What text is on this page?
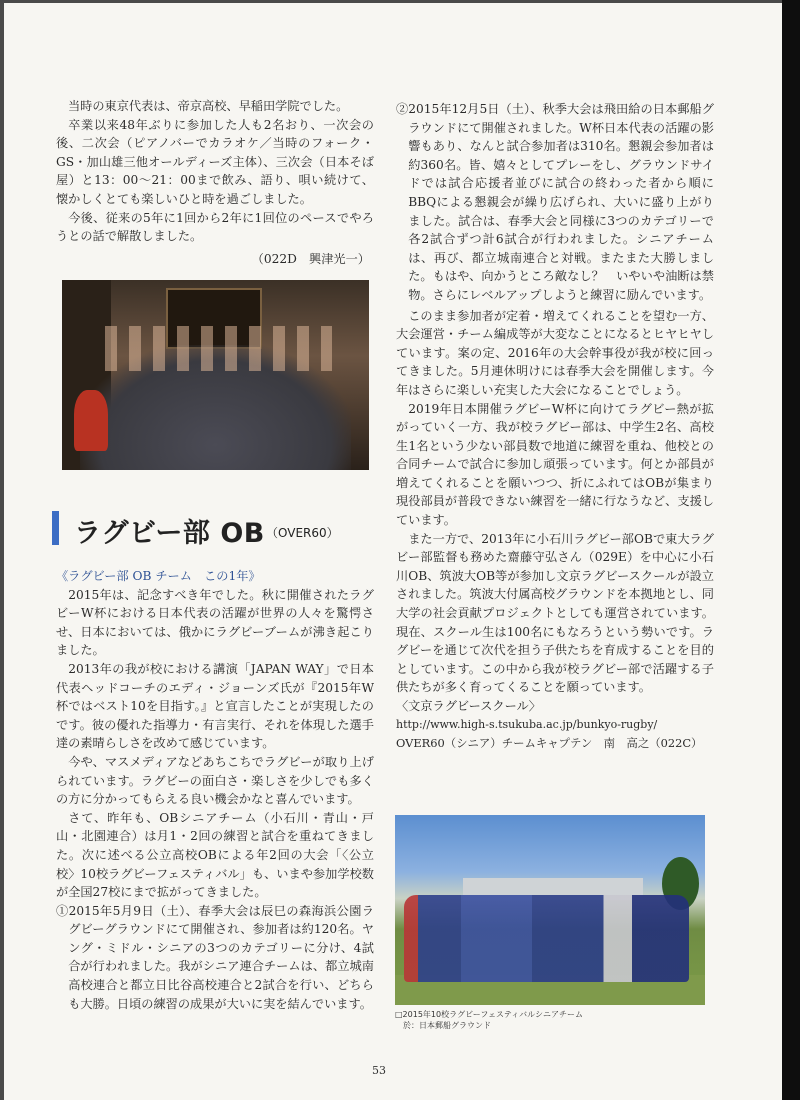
当時の東京代表は、帝京高校、早稲田学院でした。

卒業以来48年ぶりに参加した人も2名おり、一次会の後、二次会（ピアノバーでカラオケ／当時のフォーク・GS・加山雄三他オールディーズ主体）、三次会（日本そば屋）と13：00～21：00まで飲み、語り、唄い続けて、懐かしくとても楽しいひと時を過ごしました。

今後、従来の5年に1回から2年に1回位のペースでやろうとの話で解散しました。

（022D　興津光一）

ラグビー部 OB （OVER60）

《ラグビー部 OB チーム　この1年》

2015年は、記念すべき年でした。秋に開催されたラグビーW杯における日本代表の活躍が世界の人々を驚愕させ、日本においては、俄かにラグビーブームが沸き起こりました。

2013年の我が校における講演「JAPAN WAY」で日本代表ヘッドコーチのエディ・ジョーンズ氏が『2015年W杯ではベスト10を目指す。』と宣言したことが実現したのです。彼の優れた指導力・有言実行、それを体現した選手達の素晴らしさを改めて感じています。

今や、マスメディアなどあちこちでラグビーが取り上げられています。ラグビーの面白さ・楽しさを少しでも多くの方に分かってもらえる良い機会かなと喜んでいます。

さて、昨年も、OBシニアチーム（小石川・青山・戸山・北園連合）は月1・2回の練習と試合を重ねてきました。次に述べる公立高校OBによる年2回の大会「〈公立校〉10校ラグビーフェスティバル」も、いまや参加学校数が全国27校にまで拡がってきました。

①2015年5月9日（土）、春季大会は辰巳の森海浜公園ラグビーグラウンドにて開催され、参加者は約120名。ヤング・ミドル・シニアの3つのカテゴリーに分け、4試合が行われました。我がシニア連合チームは、都立城南高校連合と都立日比谷高校連合と2試合を行い、どちらも大勝。日頃の練習の成果が大いに実を結んでいます。

②2015年12月5日（土）、秋季大会は飛田給の日本郵船グラウンドにて開催されました。W杯日本代表の活躍の影響もあり、なんと試合参加者は310名。懇親会参加者は約360名。皆、嬉々としてプレーをし、グラウンドサイドでは試合応援者並びに試合の終わった者から順にBBQによる懇親会が繰り広げられ、大いに盛り上がりました。試合は、春季大会と同様に3つのカテゴリーで各2試合ずつ計6試合が行われました。シニアチームは、再び、都立城南連合と対戦。またまた大勝しました。もはや、向かうところ敵なし？　いやいや油断は禁物。さらにレベルアップしようと練習に励んでいます。

このまま参加者が定着・増えてくれることを望む一方、大会運営・チーム編成等が大変なことになるとヒヤヒヤしています。案の定、2016年の大会幹事役が我が校に回ってきました。5月連休明けには春季大会を開催します。今年はさらに楽しい充実した大会になることでしょう。

2019年日本開催ラグビーW杯に向けてラグビー熱が拡がっていく一方、我が校ラグビー部は、中学生2名、高校生1名という少ない部員数で地道に練習を重ね、他校との合同チームで試合に参加し頑張っています。何とか部員が増えてくれることを願いつつ、折にふれてはOBが集まり現役部員が普段できない練習を一緒に行なうなど、支援しています。

また一方で、2013年に小石川ラグビー部OBで東大ラグビー部監督も務めた齋藤守弘さん（029E）を中心に小石川OB、筑波大OB等が参加し文京ラグビースクールが設立されました。筑波大付属高校グラウンドを本拠地とし、同大学の社会貢献プロジェクトとしても運営されています。現在、スクール生は100名にもなろうという勢いです。ラグビーを通じて次代を担う子供たちを育成することを目的としています。この中から我が校ラグビー部で活躍する子供たちが多く育ってくることを願っています。

〈文京ラグビースクール〉

http://www.high-s.tsukuba.ac.jp/bunkyo-rugby/

OVER60（シニア）チームキャプテン　南　高之（022C）

□2015年10校ラグビーフェスティバルシニアチーム
於：日本郵船グラウンド
53
